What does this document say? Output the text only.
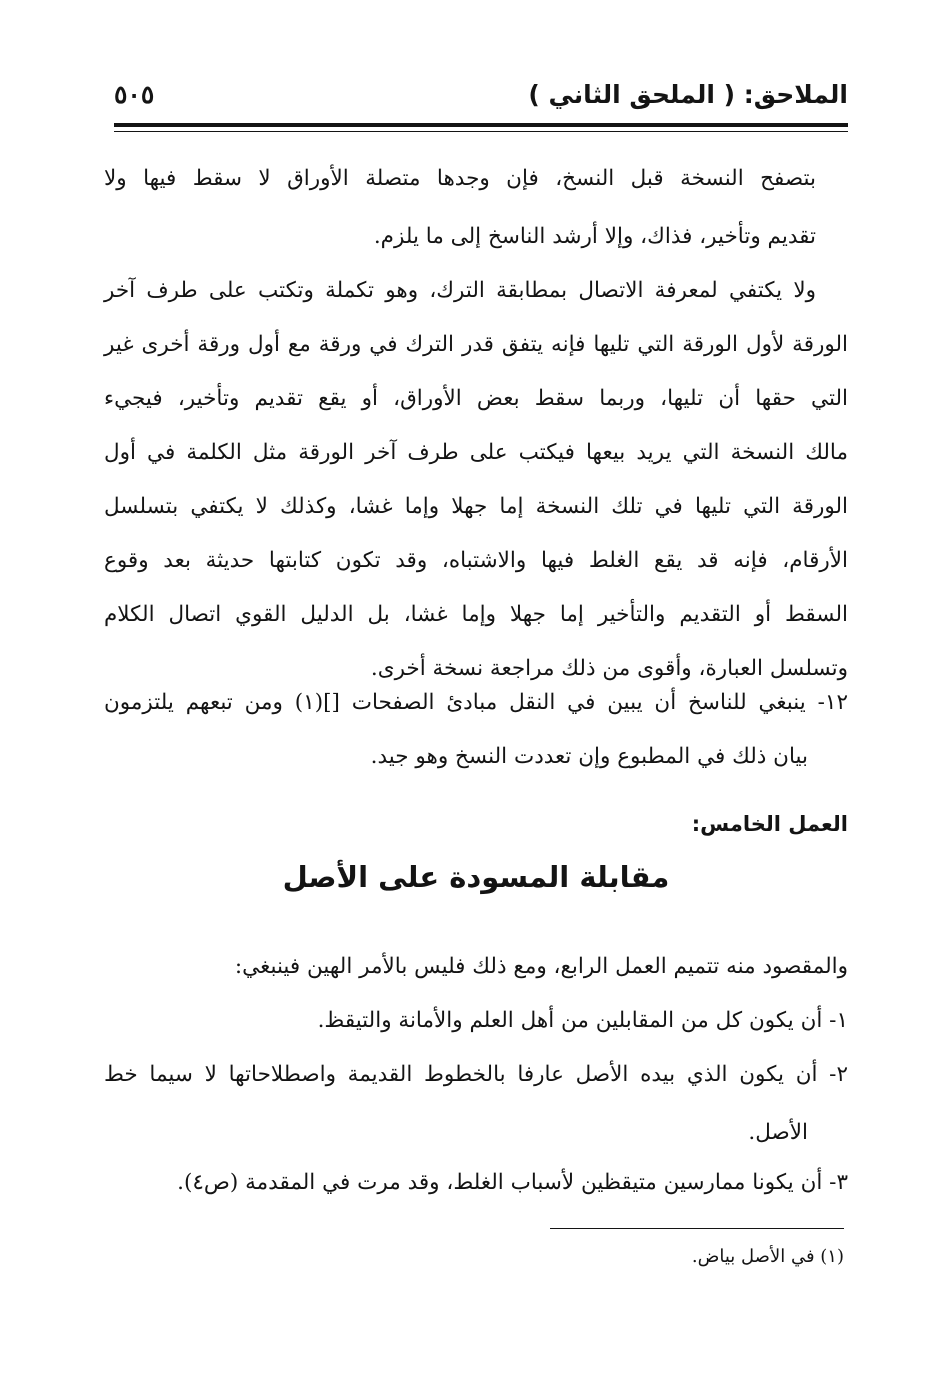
الملاحق: ( الملحق الثاني )
٥٠٥
بتصفح النسخة قبل النسخ، فإن وجدها متصلة الأوراق لا سقط فيها ولا
تقديم وتأخير، فذاك، وإلا أرشد الناسخ إلى ما يلزم.
ولا يكتفي لمعرفة الاتصال بمطابقة الترك، وهو تكملة وتكتب على طرف آخر
الورقة لأول الورقة التي تليها فإنه يتفق قدر الترك في ورقة مع أول ورقة أخرى غير
التي حقها أن تليها، وربما سقط بعض الأوراق، أو يقع تقديم وتأخير، فيجيء
مالك النسخة التي يريد بيعها فيكتب على طرف آخر الورقة مثل الكلمة في أول
الورقة التي تليها في تلك النسخة إما جهلا وإما غشا، وكذلك لا يكتفي بتسلسل
الأرقام، فإنه قد يقع الغلط فيها والاشتباه، وقد تكون كتابتها حديثة بعد وقوع
السقط أو التقديم والتأخير إما جهلا وإما غشا، بل الدليل القوي اتصال الكلام
وتسلسل العبارة، وأقوى من ذلك مراجعة نسخة أخرى.
١٢- ينبغي للناسخ أن يبين في النقل مبادئ الصفحات [](١) ومن تبعهم يلتزمون
بيان ذلك في المطبوع وإن تعددت النسخ وهو جيد.
العمل الخامس:
مقابلة المسودة على الأصل
والمقصود منه تتميم العمل الرابع، ومع ذلك فليس بالأمر الهين فينبغي:
١- أن يكون كل من المقابلين من أهل العلم والأمانة والتيقظ.
٢- أن يكون الذي بيده الأصل عارفا بالخطوط القديمة واصطلاحاتها لا سيما خط
الأصل.
٣- أن يكونا ممارسين متيقظين لأسباب الغلط، وقد مرت في المقدمة (ص٤).
(١) في الأصل بياض.
